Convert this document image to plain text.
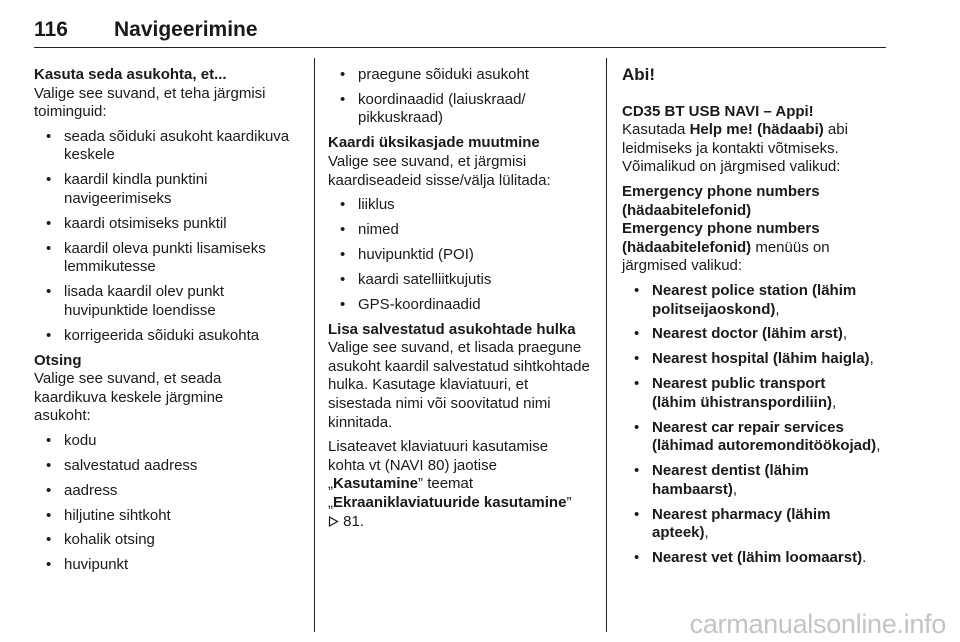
116 Navigeerimine

Kasuta seda asukohta, et...

Valige see suvand, et teha järgmisi toiminguid:

• seada sõiduki asukoht kaardikuva keskele
• kaardil kindla punktini navigeerimiseks
• kaardi otsimiseks punktil
• kaardil oleva punkti lisamiseks lemmikutesse
• lisada kaardil olev punkt huvipunktide loendisse
• korrigeerida sõiduki asukohta

Otsing

Valige see suvand, et seada kaardikuva keskele järgmine asukoht:

• kodu
• salvestatud aadress
• aadress
• hiljutine sihtkoht
• kohalik otsing
• huvipunkt
• praegune sõiduki asukoht
• koordinaadid (laiuskraad/ pikkuskraad)

Kaardi üksikasjade muutmine

Valige see suvand, et järgmisi kaardiseadeid sisse/välja lülitada:

• liiklus
• nimed
• huvipunktid (POI)
• kaardi satelliitkujutis
• GPS-koordinaadid

Lisa salvestatud asukohtade hulka

Valige see suvand, et lisada praegune asukoht kaardil salvestatud sihtkohtade hulka. Kasutage klaviatuuri, et sisestada nimi või soovitatud nimi kinnitada.

Lisateavet klaviatuuri kasutamise kohta vt (NAVI 80) jaotise
„Kasutamine” teemat
„Ekraaniklaviatuuride kasutamine”
81.

Abi!

CD35 BT USB NAVI – Appi!

Kasutada Help me! (hädaabi) abi leidmiseks ja kontakti võtmiseks. Võimalikud on järgmised valikud:

Emergency phone numbers (hädaabitelefonid)

Emergency phone numbers (hädaabitelefonid) menüüs on järgmised valikud:

• Nearest police station (lähim politseijaoskond),
• Nearest doctor (lähim arst),
• Nearest hospital (lähim haigla),
• Nearest public transport (lähim ühistranspordiliin),
• Nearest car repair services (lähimad autoremonditöökojad),
• Nearest dentist (lähim hambaarst),
• Nearest pharmacy (lähim apteek),
• Nearest vet (lähim loomaarst).
carmanualsonline.info
